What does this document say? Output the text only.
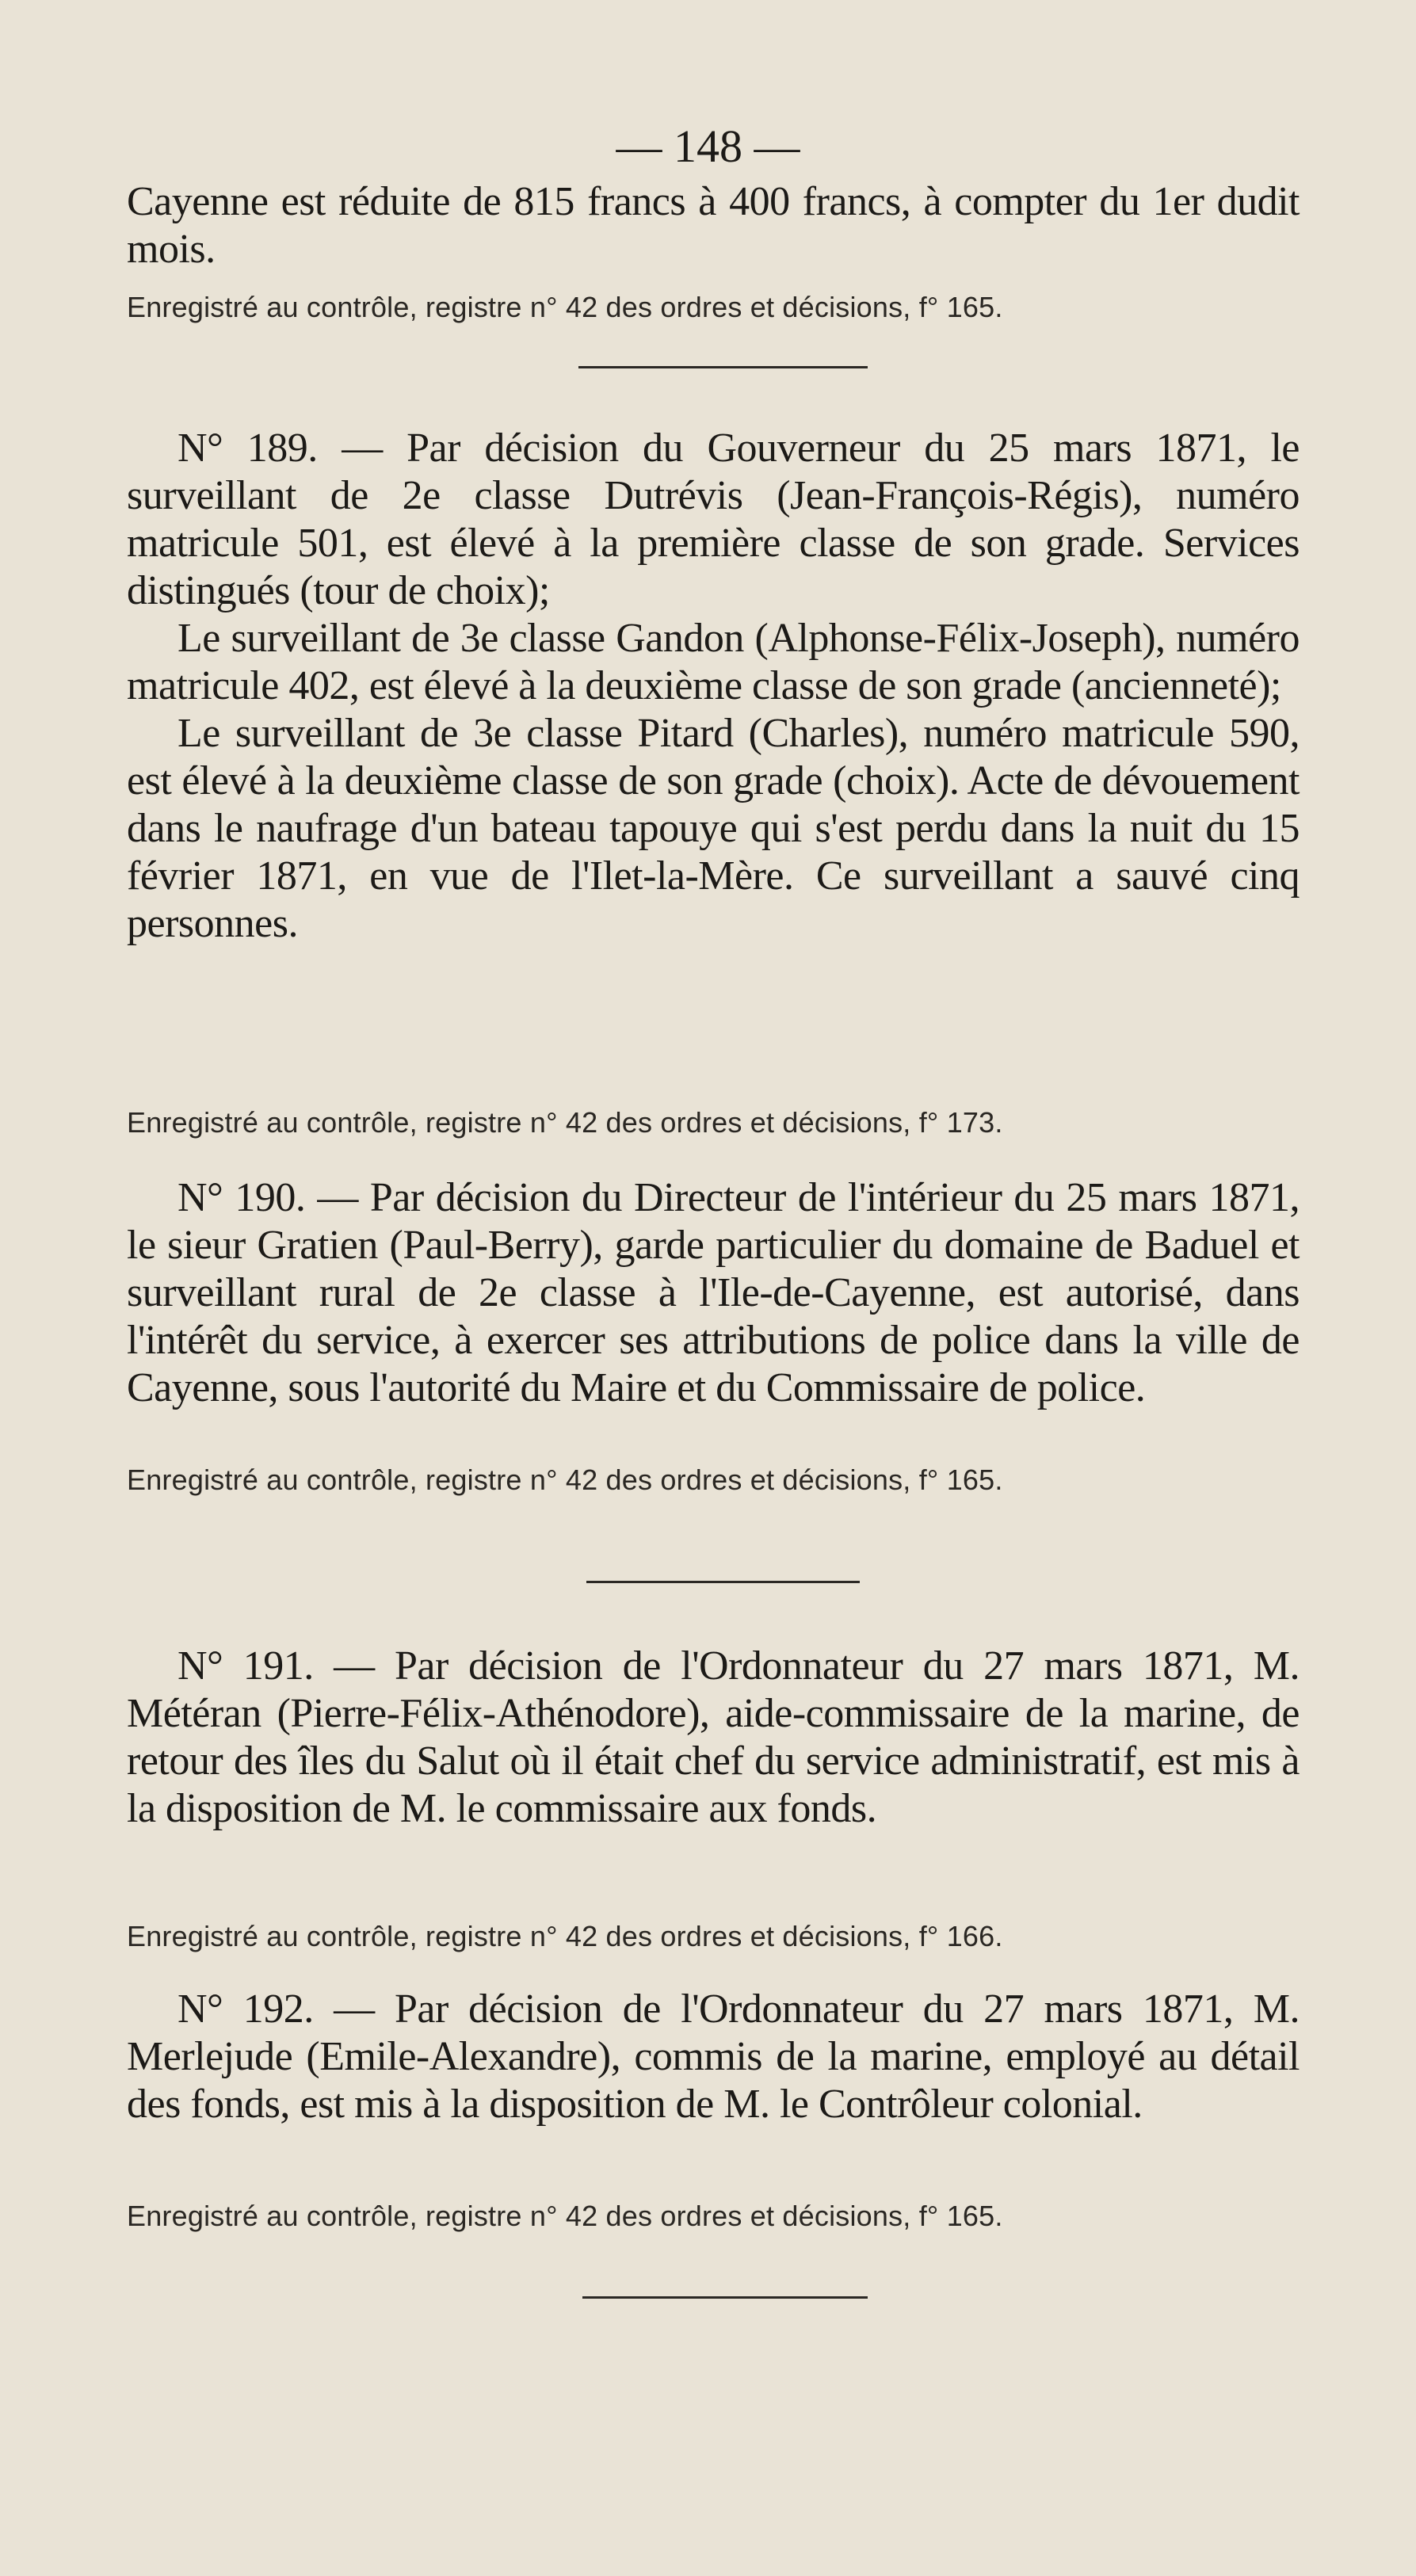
— 148 —

Cayenne est réduite de 815 francs à 400 francs, à compter du 1er dudit mois.

Enregistré au contrôle, registre n° 42 des ordres et décisions, f° 165.

N° 189. — Par décision du Gouverneur du 25 mars 1871, le surveillant de 2e classe Dutrévis (Jean-François-Régis), numéro matricule 501, est élevé à la première classe de son grade. Services distingués (tour de choix);

Le surveillant de 3e classe Gandon (Alphonse-Félix-Joseph), numéro matricule 402, est élevé à la deuxième classe de son grade (ancienneté);

Le surveillant de 3e classe Pitard (Charles), numéro matricule 590, est élevé à la deuxième classe de son grade (choix). Acte de dévouement dans le naufrage d'un bateau tapouye qui s'est perdu dans la nuit du 15 février 1871, en vue de l'Ilet-la-Mère. Ce surveillant a sauvé cinq personnes.

Enregistré au contrôle, registre n° 42 des ordres et décisions, f° 173.

N° 190. — Par décision du Directeur de l'intérieur du 25 mars 1871, le sieur Gratien (Paul-Berry), garde particulier du domaine de Baduel et surveillant rural de 2e classe à l'Ile-de-Cayenne, est autorisé, dans l'intérêt du service, à exercer ses attributions de police dans la ville de Cayenne, sous l'autorité du Maire et du Commissaire de police.

Enregistré au contrôle, registre n° 42 des ordres et décisions, f° 165.

N° 191. — Par décision de l'Ordonnateur du 27 mars 1871, M. Météran (Pierre-Félix-Athénodore), aide-commissaire de la marine, de retour des îles du Salut où il était chef du service administratif, est mis à la disposition de M. le commissaire aux fonds.

Enregistré au contrôle, registre n° 42 des ordres et décisions, f° 166.

N° 192. — Par décision de l'Ordonnateur du 27 mars 1871, M. Merlejude (Emile-Alexandre), commis de la marine, employé au détail des fonds, est mis à la disposition de M. le Contrôleur colonial.

Enregistré au contrôle, registre n° 42 des ordres et décisions, f° 165.
